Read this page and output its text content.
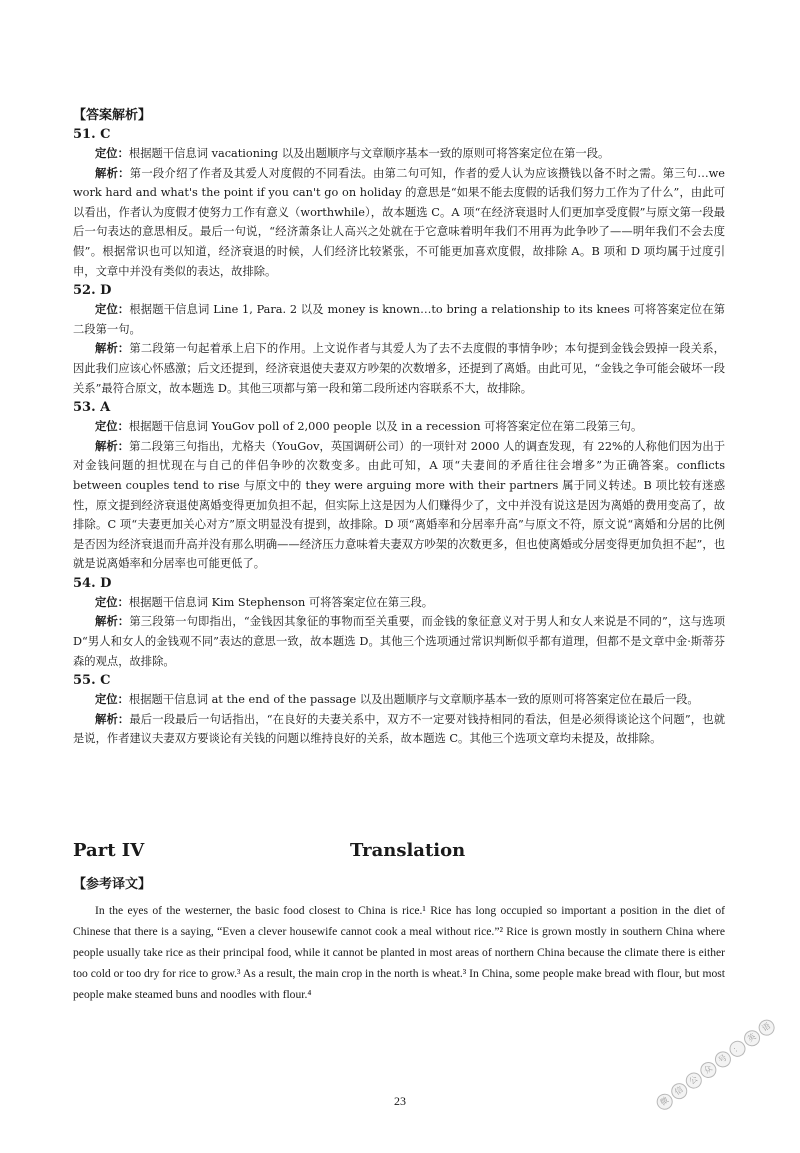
【答案解析】
51. C

定位：根据题干信息词 vacationing 以及出题顺序与文章顺序基本一致的原则可将答案定位在第一段。

解析：第一段介绍了作者及其爱人对度假的不同看法。由第二句可知，作者的爱人认为应该攒钱以备不时之需。第三句…we work hard and what's the point if you can't go on holiday 的意思是“如果不能去度假的话我们努力工作为了什么”，由此可以看出，作者认为度假才使努力工作有意义（worthwhile），故本题选 C。A 项“在经济衰退时人们更加享受度假”与原文第一段最后一句表达的意思相反。最后一句说，“经济萧条让人高兴之处就在于它意味着明年我们不用再为此争吵了——明年我们不会去度假”。根据常识也可以知道，经济衰退的时候，人们经济比较紧张，不可能更加喜欢度假，故排除 A。B 项和 D 项均属于过度引申，文章中并没有类似的表达，故排除。

52. D

定位：根据题干信息词 Line 1, Para. 2 以及 money is known…to bring a relationship to its knees 可将答案定位在第二段第一句。

解析：第二段第一句起着承上启下的作用。上文说作者与其爱人为了去不去度假的事情争吵；本句提到金钱会毁掉一段关系，因此我们应该心怀感激；后文还提到，经济衰退使夫妻双方吵架的次数增多，还提到了离婚。由此可见，“金钱之争可能会破坏一段关系”最符合原文，故本题选 D。其他三项都与第一段和第二段所述内容联系不大，故排除。

53. A

定位：根据题干信息词 YouGov poll of 2,000 people 以及 in a recession 可将答案定位在第二段第三句。

解析：第二段第三句指出，尤格夫（YouGov，英国调研公司）的一项针对 2000 人的调查发现，有 22%的人称他们因为出于对金钱问题的担忧现在与自己的伴侣争吵的次数变多。由此可知，A 项“夫妻间的矛盾往往会增多”为正确答案。conflicts between couples tend to rise 与原文中的 they were arguing more with their partners 属于同义转述。B 项比较有迷惑性，原文提到经济衰退使离婚变得更加负担不起，但实际上这是因为人们赚得少了，文中并没有说这是因为离婚的费用变高了，故排除。C 项“夫妻更加关心对方”原文明显没有提到，故排除。D 项“离婚率和分居率升高”与原文不符，原文说“离婚和分居的比例是否因为经济衰退而升高并没有那么明确——经济压力意味着夫妻双方吵架的次数更多，但也使离婚或分居变得更加负担不起”，也就是说离婚率和分居率也可能更低了。

54. D

定位：根据题干信息词 Kim Stephenson 可将答案定位在第三段。

解析：第三段第一句即指出，“金钱因其象征的事物而至关重要，而金钱的象征意义对于男人和女人来说是不同的”，这与选项 D“男人和女人的金钱观不同”表达的意思一致，故本题选 D。其他三个选项通过常识判断似乎都有道理，但都不是文章中金·斯蒂芬森的观点，故排除。

55. C

定位：根据题干信息词 at the end of the passage 以及出题顺序与文章顺序基本一致的原则可将答案定位在最后一段。

解析：最后一段最后一句话指出，“在良好的夫妻关系中，双方不一定要对钱持相同的看法，但是必须得谈论这个问题”，也就是说，作者建议夫妻双方要谈论有关钱的问题以维持良好的关系，故本题选 C。其他三个选项文章均未提及，故排除。

Part IV	Translation
【参考译文】

In the eyes of the westerner, the basic food closest to China is rice.¹ Rice has long occupied so important a position in the diet of Chinese that there is a saying, “Even a clever housewife cannot cook a meal without rice.”² Rice is grown mostly in southern China where people usually take rice as their principal food, while it cannot be planted in most areas of northern China because the climate there is either too cold or too dry for rice to grow.³ As a result, the main crop in the north is wheat.³ In China, some people make bread with flour, but most people make steamed buns and noodles with flour.⁴

23	微信公众号：英语
